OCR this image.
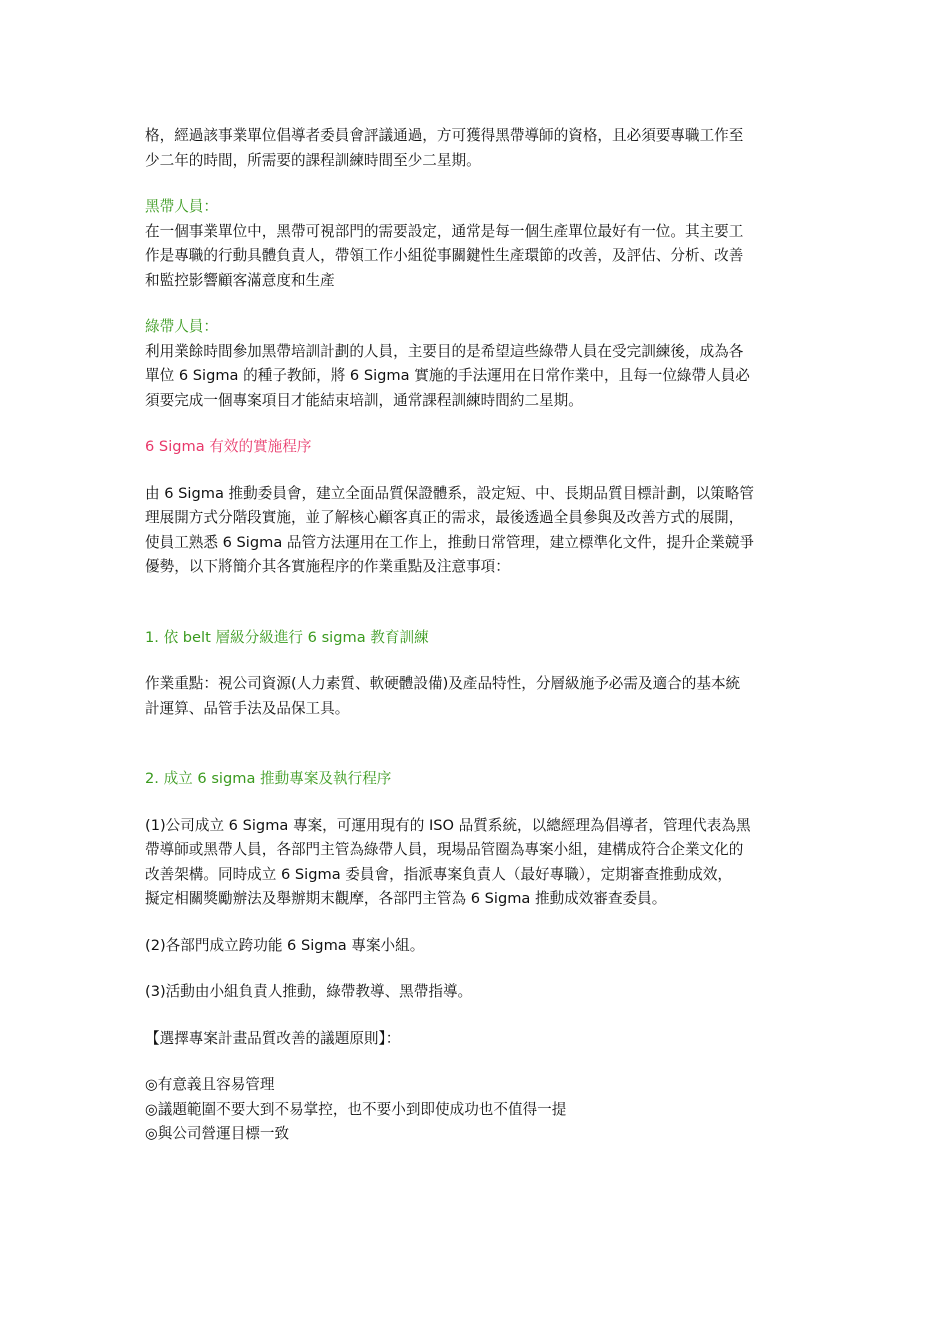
格，經過該事業單位倡導者委員會評議通過，方可獲得黑帶導師的資格，且必須要專職工作至
少二年的時間，所需要的課程訓練時間至少二星期。
黑帶人員：
在一個事業單位中，黑帶可視部門的需要設定，通常是每一個生產單位最好有一位。其主要工
作是專職的行動具體負責人，帶領工作小組從事關鍵性生產環節的改善，及評估、分析、改善
和監控影響顧客滿意度和生產
綠帶人員：
利用業餘時間參加黑帶培訓計劃的人員，主要目的是希望這些綠帶人員在受完訓練後，成為各
單位 6 Sigma 的種子教師，將 6 Sigma 實施的手法運用在日常作業中，且每一位綠帶人員必
須要完成一個專案項目才能結束培訓，通常課程訓練時間約二星期。
6 Sigma 有效的實施程序
由 6 Sigma 推動委員會，建立全面品質保證體系，設定短、中、長期品質目標計劃，以策略管
理展開方式分階段實施，並了解核心顧客真正的需求，最後透過全員參與及改善方式的展開，
使員工熟悉 6 Sigma 品管方法運用在工作上，推動日常管理，建立標準化文件，提升企業競爭
優勢，以下將簡介其各實施程序的作業重點及注意事項：
1. 依 belt 層級分級進行 6 sigma 教育訓練
作業重點：視公司資源(人力素質、軟硬體設備)及產品特性，分層級施予必需及適合的基本統
計運算、品管手法及品保工具。
2. 成立 6 sigma 推動專案及執行程序
(1)公司成立 6 Sigma 專案，可運用現有的 ISO 品質系統，以總經理為倡導者，管理代表為黑
帶導師或黑帶人員，各部門主管為綠帶人員，現場品管圈為專案小組，建構成符合企業文化的
改善架構。同時成立 6 Sigma 委員會，指派專案負責人（最好專職），定期審查推動成效，
擬定相關獎勵辦法及舉辦期末觀摩，各部門主管為 6 Sigma 推動成效審查委員。
(2)各部門成立跨功能 6 Sigma 專案小組。
(3)活動由小組負責人推動，綠帶教導、黑帶指導。
【選擇專案計畫品質改善的議題原則】：
◎有意義且容易管理
◎議題範圍不要大到不易掌控，也不要小到即使成功也不值得一提
◎與公司營運目標一致
